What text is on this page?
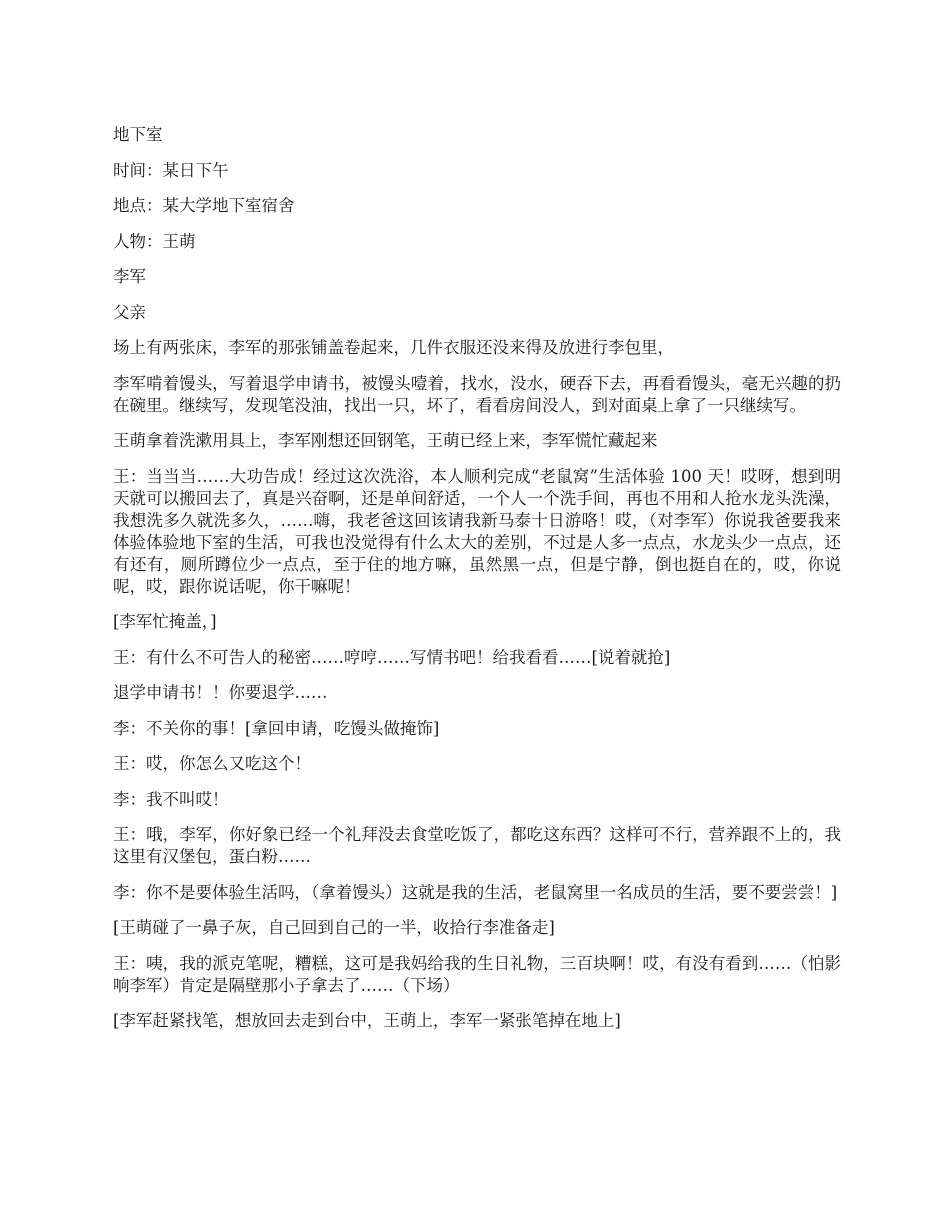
地下室

时间：某日下午

地点：某大学地下室宿舍

人物：王萌

李军

父亲

场上有两张床，李军的那张铺盖卷起来，几件衣服还没来得及放进行李包里，

李军啃着馒头，写着退学申请书，被馒头噎着，找水，没水，硬吞下去，再看看馒头，毫无兴趣的扔在碗里。继续写，发现笔没油，找出一只，坏了，看看房间没人，到对面桌上拿了一只继续写。

王萌拿着洗漱用具上，李军刚想还回钢笔，王萌已经上来，李军慌忙藏起来

王：当当当……大功告成！经过这次洗浴，本人顺利完成“老鼠窝”生活体验 100 天！哎呀，想到明天就可以搬回去了，真是兴奋啊，还是单间舒适，一个人一个洗手间，再也不用和人抢水龙头洗澡，我想洗多久就洗多久，……嗨，我老爸这回该请我新马泰十日游咯！哎，（对李军）你说我爸要我来体验体验地下室的生活，可我也没觉得有什么太大的差别，不过是人多一点点，水龙头少一点点，还有还有，厕所蹲位少一点点，至于住的地方嘛，虽然黑一点，但是宁静，倒也挺自在的，哎，你说呢，哎，跟你说话呢，你干嘛呢！

[李军忙掩盖，]

王：有什么不可告人的秘密……哼哼……写情书吧！给我看看……[说着就抢]

退学申请书！！你要退学……

李：不关你的事！[拿回申请，吃馒头做掩饰]

王：哎，你怎么又吃这个！

李：我不叫哎！

王：哦，李军，你好象已经一个礼拜没去食堂吃饭了，都吃这东西？这样可不行，营养跟不上的，我这里有汉堡包，蛋白粉……

李：你不是要体验生活吗，（拿着馒头）这就是我的生活，老鼠窝里一名成员的生活，要不要尝尝！]

[王萌碰了一鼻子灰，自己回到自己的一半，收拾行李准备走]

王：咦，我的派克笔呢，糟糕，这可是我妈给我的生日礼物，三百块啊！哎，有没有看到……（怕影响李军）肯定是隔壁那小子拿去了……（下场）

[李军赶紧找笔，想放回去走到台中，王萌上，李军一紧张笔掉在地上]
